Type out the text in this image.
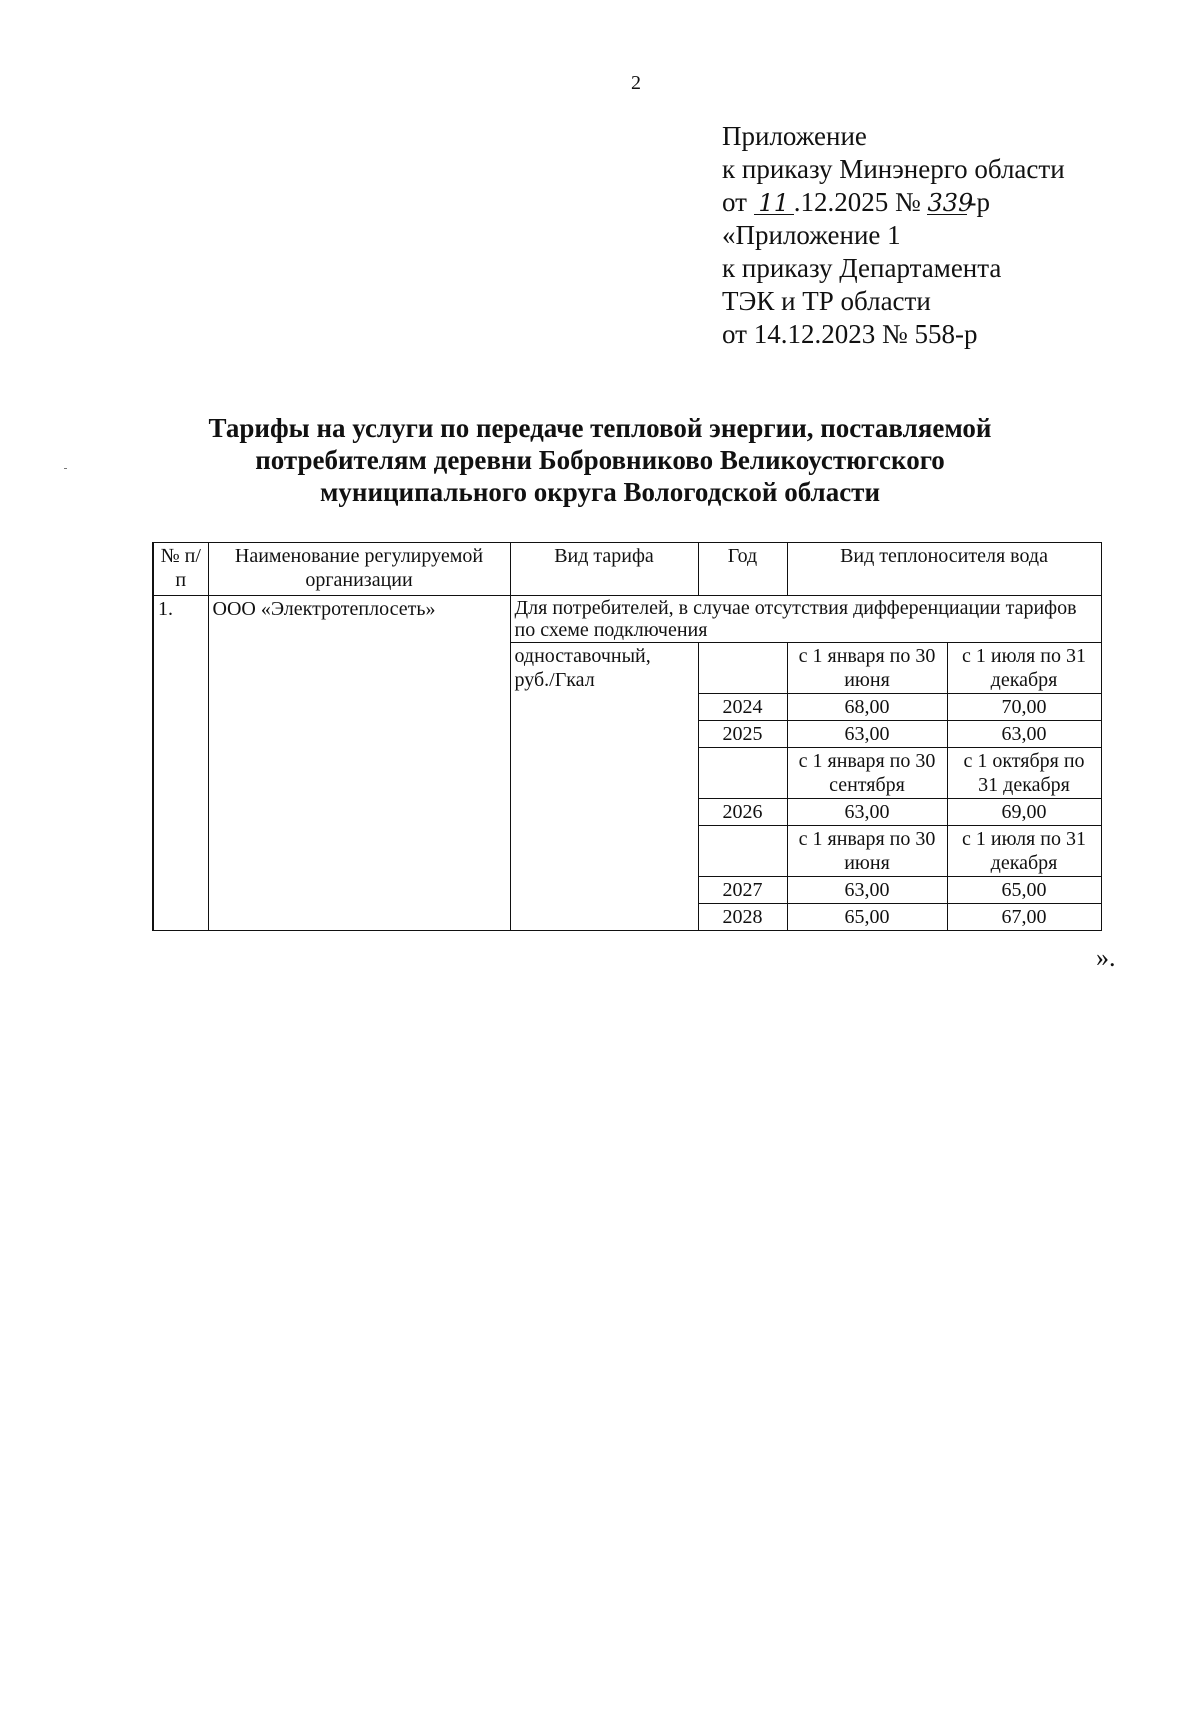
2
Приложение
к приказу Минэнерго области
от 11 .12.2025 № 339-р
«Приложение 1
к приказу Департамента
ТЭК и ТР области
от 14.12.2023 № 558-р
Тарифы на услуги по передаче тепловой энергии, поставляемой
потребителям деревни Бобровниково Великоустюгского
муниципального округа Вологодской области
№ п/п	Наименование регулируемой организации	Вид тарифа	Год	Вид теплоносителя вода	
1.	ООО «Электротеплосеть»	Для потребителей, в случае отсутствия дифференциации тарифов по схеме подключения			
		одноставочный, руб./Гкал		с 1 января по 30 июня	с 1 июля по 31 декабря
			2024	68,00	70,00
			2025	63,00	63,00
				с 1 января по 30 сентября	с 1 октября по 31 декабря
			2026	63,00	69,00
				с 1 января по 30 июня	с 1 июля по 31 декабря
			2027	63,00	65,00
			2028	65,00	67,00
».
